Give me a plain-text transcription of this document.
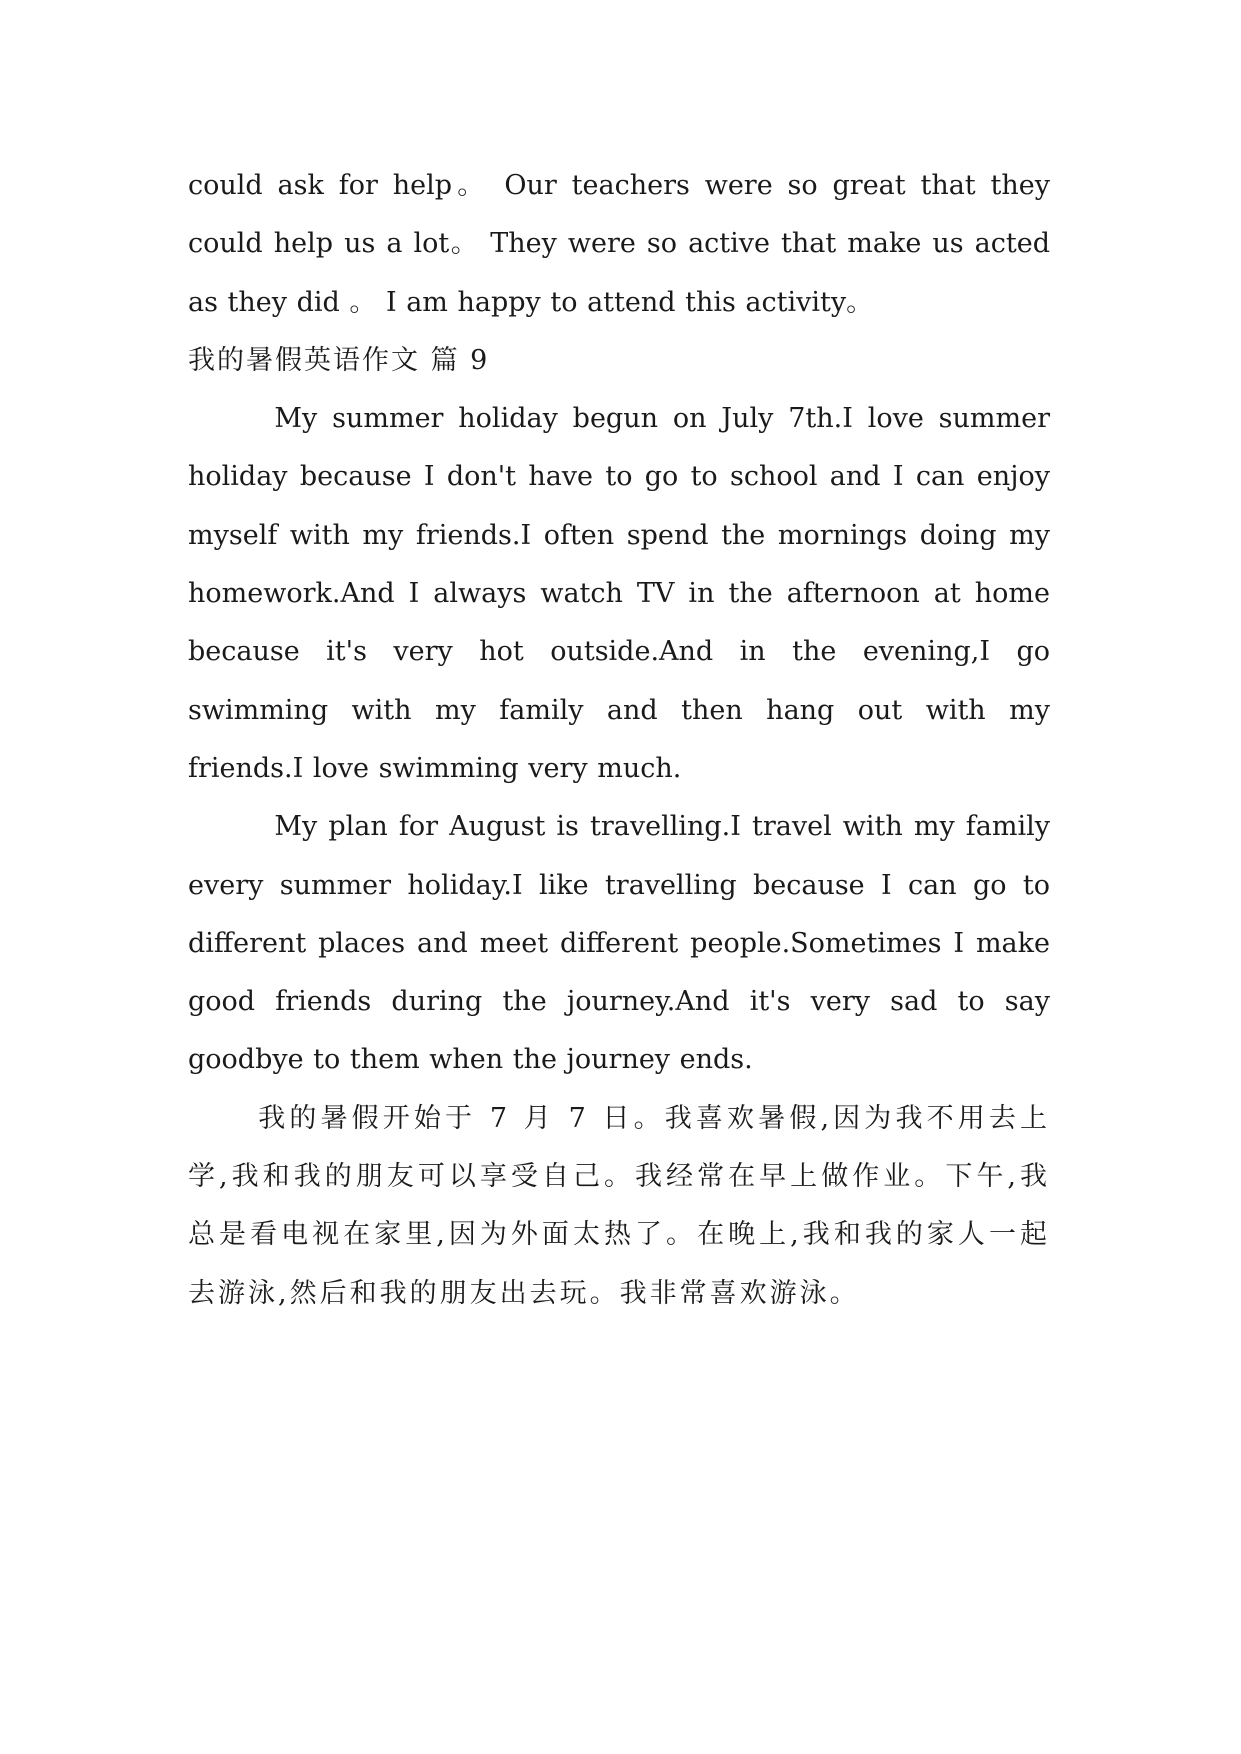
could ask for help。 Our teachers were so great that they could help us a lot。 They were so active that make us acted as they did 。 I am happy to attend this activity。

我的暑假英语作文 篇 9

My summer holiday begun on July 7th.I love summer holiday because I don't have to go to school and I can enjoy myself with my friends.I often spend the mornings doing my homework.And I always watch TV in the afternoon at home because it's very hot outside.And in the evening,I go swimming with my family and then hang out with my friends.I love swimming very much.

My plan for August is travelling.I travel with my family every summer holiday.I like travelling because I can go to different places and meet different people.Sometimes I make good friends during the journey.And it's very sad to say goodbye to them when the journey ends.

我的暑假开始于 7 月 7 日。我喜欢暑假,因为我不用去上学,我和我的朋友可以享受自己。我经常在早上做作业。下午,我总是看电视在家里,因为外面太热了。在晚上,我和我的家人一起去游泳,然后和我的朋友出去玩。我非常喜欢游泳。
